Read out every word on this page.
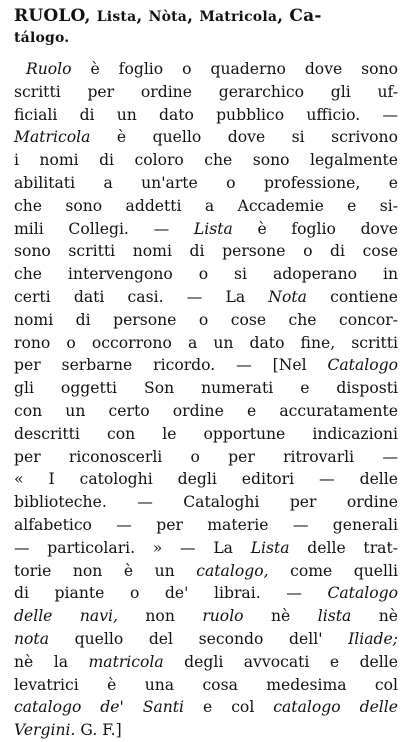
RUOLO, Lista, Nòta, Matricola, Ca-
tálogo.
Ruolo è foglio o quaderno dove sono
scritti per ordine gerarchico gli uf-
ficiali di un dato pubblico ufficio. —
Matricola è quello dove si scrivono
i nomi di coloro che sono legalmente
abilitati a un'arte o professione, e
che sono addetti a Accademie e si-
mili Collegi. — Lista è foglio dove
sono scritti nomi di persone o di cose
che intervengono o si adoperano in
certi dati casi. — La Nota contiene
nomi di persone o cose che concor-
rono o occorrono a un dato fine, scritti
per serbarne ricordo. — [Nel Catalogo
gli oggetti Son numerati e disposti
con un certo ordine e accuratamente
descritti con le opportune indicazioni
per riconoscerli o per ritrovarli —
« I catologhi degli editori — delle
biblioteche. — Cataloghi per ordine
alfabetico — per materie — generali
— particolari. » — La Lista delle trat-
torie non è un catalogo, come quelli
di piante o de' librai. — Catalogo
delle navi, non ruolo nè lista nè
nota quello del secondo dell' Iliade;
nè la matricola degli avvocati e delle
levatrici è una cosa medesima col
catalogo de' Santi e col catalogo delle
Vergini. G. F.]
